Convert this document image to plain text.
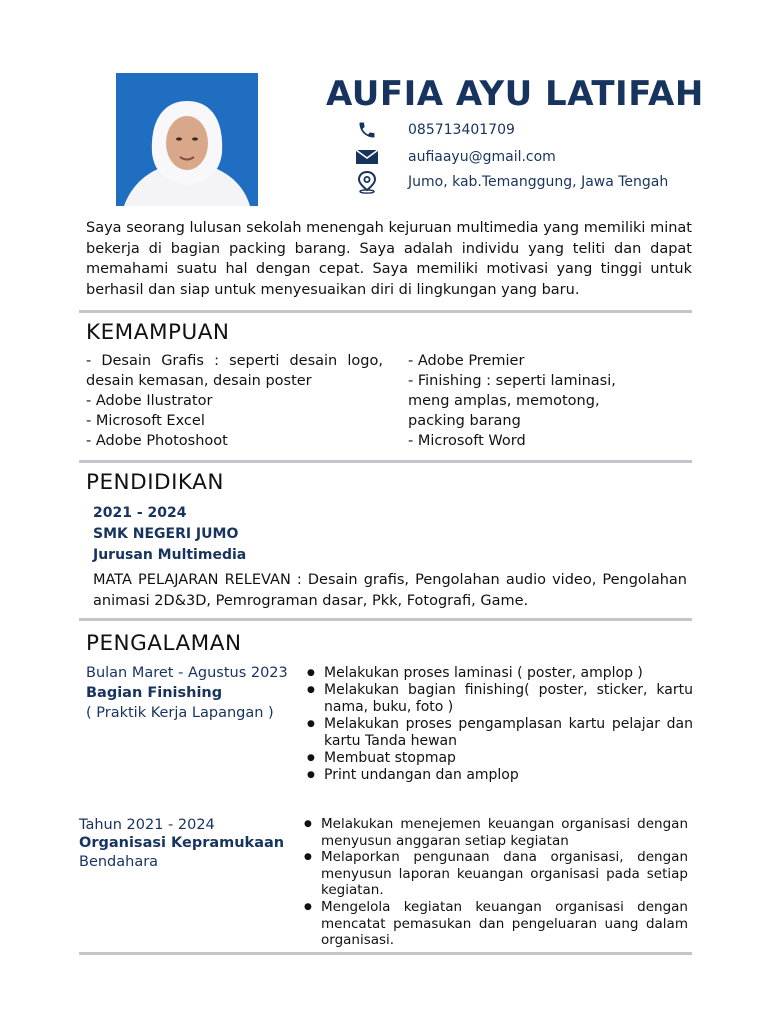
AUFIA AYU LATIFAH
085713401709
aufiaayu@gmail.com
Jumo, kab.Temanggung, Jawa Tengah
Saya seorang lulusan sekolah menengah kejuruan multimedia yang memiliki minat bekerja di bagian packing barang. Saya adalah individu yang teliti dan dapat memahami suatu hal dengan cepat. Saya memiliki motivasi yang tinggi untuk berhasil dan siap untuk menyesuaikan diri di lingkungan yang baru.
KEMAMPUAN
- Desain Grafis : seperti desain logo,
desain kemasan, desain poster
- Adobe Ilustrator
- Microsoft Excel
- Adobe Photoshoot
- Adobe Premier
- Finishing : seperti laminasi,
meng amplas, memotong,
packing barang
- Microsoft Word
PENDIDIKAN
2021 - 2024
SMK NEGERI JUMO
Jurusan Multimedia
MATA PELAJARAN RELEVAN : Desain grafis, Pengolahan audio video, Pengolahan animasi 2D&3D, Pemrograman dasar, Pkk, Fotografi, Game.
PENGALAMAN
Bulan Maret - Agustus 2023
Bagian Finishing
( Praktik Kerja Lapangan )
● Melakukan proses laminasi ( poster, amplop )
● Melakukan bagian finishing( poster, sticker, kartu nama, buku, foto )
● Melakukan proses pengamplasan kartu pelajar dan kartu Tanda hewan
● Membuat stopmap
● Print undangan dan amplop
Tahun 2021 - 2024
Organisasi Kepramukaan
Bendahara
● Melakukan menejemen keuangan organisasi dengan menyusun anggaran setiap kegiatan
● Melaporkan pengunaan dana organisasi, dengan menyusun laporan keuangan organisasi pada setiap kegiatan.
● Mengelola kegiatan keuangan organisasi dengan mencatat pemasukan dan pengeluaran uang dalam organisasi.
